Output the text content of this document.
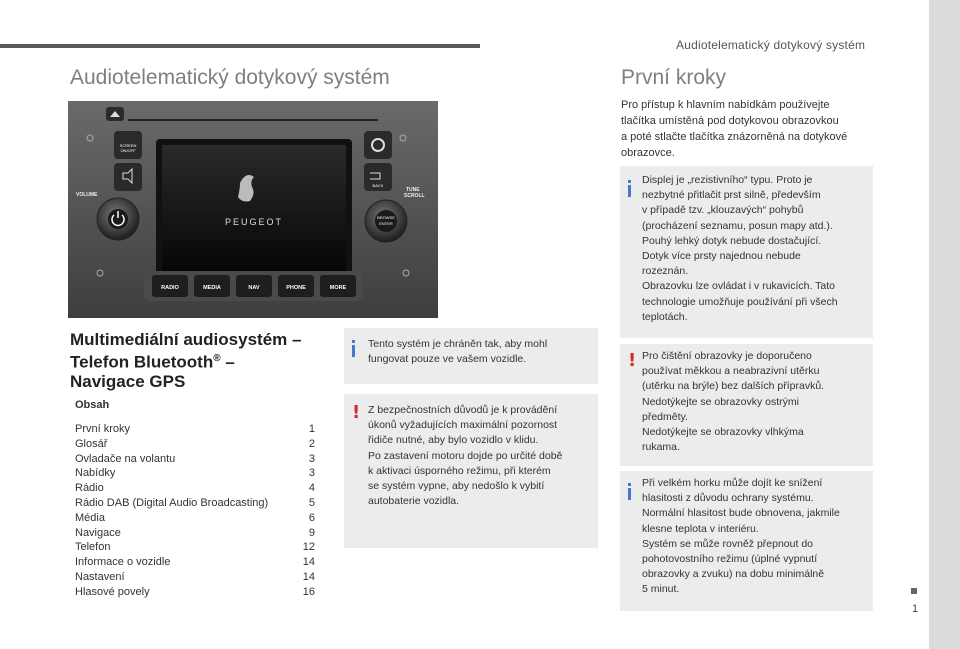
Audiotelematický dotykový systém
1
Audiotelematický dotykový systém
SCREEN
ON/OFF
VOLUME
PEUGEOT
BACK
TUNE
SCROLL
BROWSE
ENTER
RADIO	MEDIA	NAV	PHONE	MORE
Multimediální audiosystém –
Telefon Bluetooth® –
Navigace GPS
Obsah
První kroky	1
Glosář	2
Ovladače na volantu	3
Nabídky	3
Rádio	4
Rádio DAB (Digital Audio Broadcasting)	5
Média	6
Navigace	9
Telefon	12
Informace o vozidle	14
Nastavení	14
Hlasové povely	16
Tento systém je chráněn tak, aby mohl
fungovat pouze ve vašem vozidle.
! Z bezpečnostních důvodů je k provádění
úkonů vyžadujících maximální pozornost
řidiče nutné, aby bylo vozidlo v klidu.
Po zastavení motoru dojde po určité době
k aktivaci úsporného režimu, při kterém
se systém vypne, aby nedošlo k vybití
autobaterie vozidla.
První kroky
Pro přístup k hlavním nabídkám používejte
tlačítka umístěná pod dotykovou obrazovkou
a poté stlačte tlačítka znázorněná na dotykové
obrazovce.
Displej je „rezistivního“ typu. Proto je
nezbytné přitlačit prst silně, především
v případě tzv. „klouzavých“ pohybů
(procházení seznamu, posun mapy atd.).
Pouhý lehký dotyk nebude dostačující.
Dotyk více prsty najednou nebude
rozeznán.
Obrazovku lze ovládat i v rukavicích. Tato
technologie umožňuje používání při všech
teplotách.
! Pro čištění obrazovky je doporučeno
používat měkkou a neabrazivní utěrku
(utěrku na brýle) bez dalších přípravků.
Nedotýkejte se obrazovky ostrými
předměty.
Nedotýkejte se obrazovky vlhkýma
rukama.
Při velkém horku může dojít ke snížení
hlasitosti z důvodu ochrany systému.
Normální hlasitost bude obnovena, jakmile
klesne teplota v interiéru.
Systém se může rovněž přepnout do
pohotovostního režimu (úplné vypnutí
obrazovky a zvuku) na dobu minimálně
5 minut.
